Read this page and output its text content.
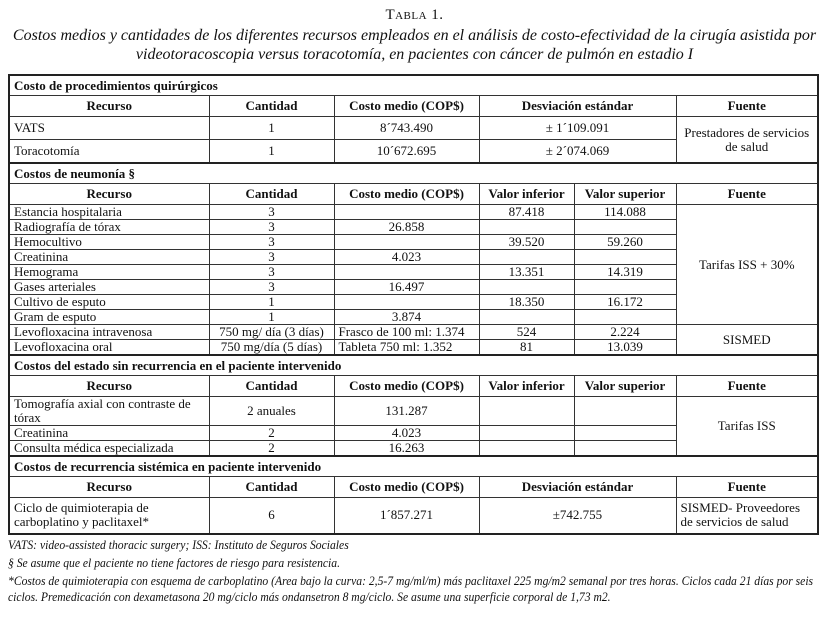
Tabla 1.
Costos medios y cantidades de los diferentes recursos empleados en el análisis de costo-efectividad de la cirugía asistida por videotoracoscopia versus toracotomía, en pacientes con cáncer de pulmón en estadio I
Costo de procedimientos quirúrgicos					
Recurso	Cantidad	Costo medio (COP$)	Desviación estándar		Fuente
VATS	1	8´743.490	± 1´109.091		Prestadores de servicios de salud
Toracotomía	1	10´672.695	± 2´074.069		
Costos de neumonía §					
Recurso	Cantidad	Costo medio (COP$)	Valor inferior	Valor superior	Fuente
Estancia hospitalaria	3		87.418	114.088	Tarifas ISS + 30%
Radiografía de tórax	3	26.858			
Hemocultivo	3		39.520	59.260	
Creatinina	3	4.023			
Hemograma	3		13.351	14.319	
Gases arteriales	3	16.497			
Cultivo de esputo	1		18.350	16.172	
Gram de esputo	1	3.874			
Levofloxacina intravenosa	750 mg/ día (3 días)	Frasco de 100 ml: 1.374	524	2.224	SISMED
Levofloxacina oral	750 mg/día (5 días)	Tableta 750 ml: 1.352	81	13.039	
Costos del estado sin recurrencia en el paciente intervenido					
Recurso	Cantidad	Costo medio (COP$)	Valor inferior	Valor superior	Fuente
Tomografía axial con contraste de tórax	2 anuales	131.287			Tarifas ISS
Creatinina	2	4.023			
Consulta médica especializada	2	16.263			
Costos de recurrencia sistémica en paciente intervenido					
Recurso	Cantidad	Costo medio (COP$)	Desviación estándar		Fuente
Ciclo de quimioterapia de carboplatino y paclitaxel*	6	1´857.271	±742.755		SISMED- Proveedores de servicios de salud
VATS: video-assisted thoracic surgery; ISS: Instituto de Seguros Sociales
§ Se asume que el paciente no tiene factores de riesgo para resistencia.
*Costos de quimioterapia con esquema de carboplatino (Area bajo la curva: 2,5-7 mg/ml/m) más paclitaxel 225 mg/m2 semanal por tres horas. Ciclos cada 21 días por seis ciclos. Premedicación con dexametasona 20 mg/ciclo más ondansetron 8 mg/ciclo. Se asume una superficie corporal de 1,73 m2.
